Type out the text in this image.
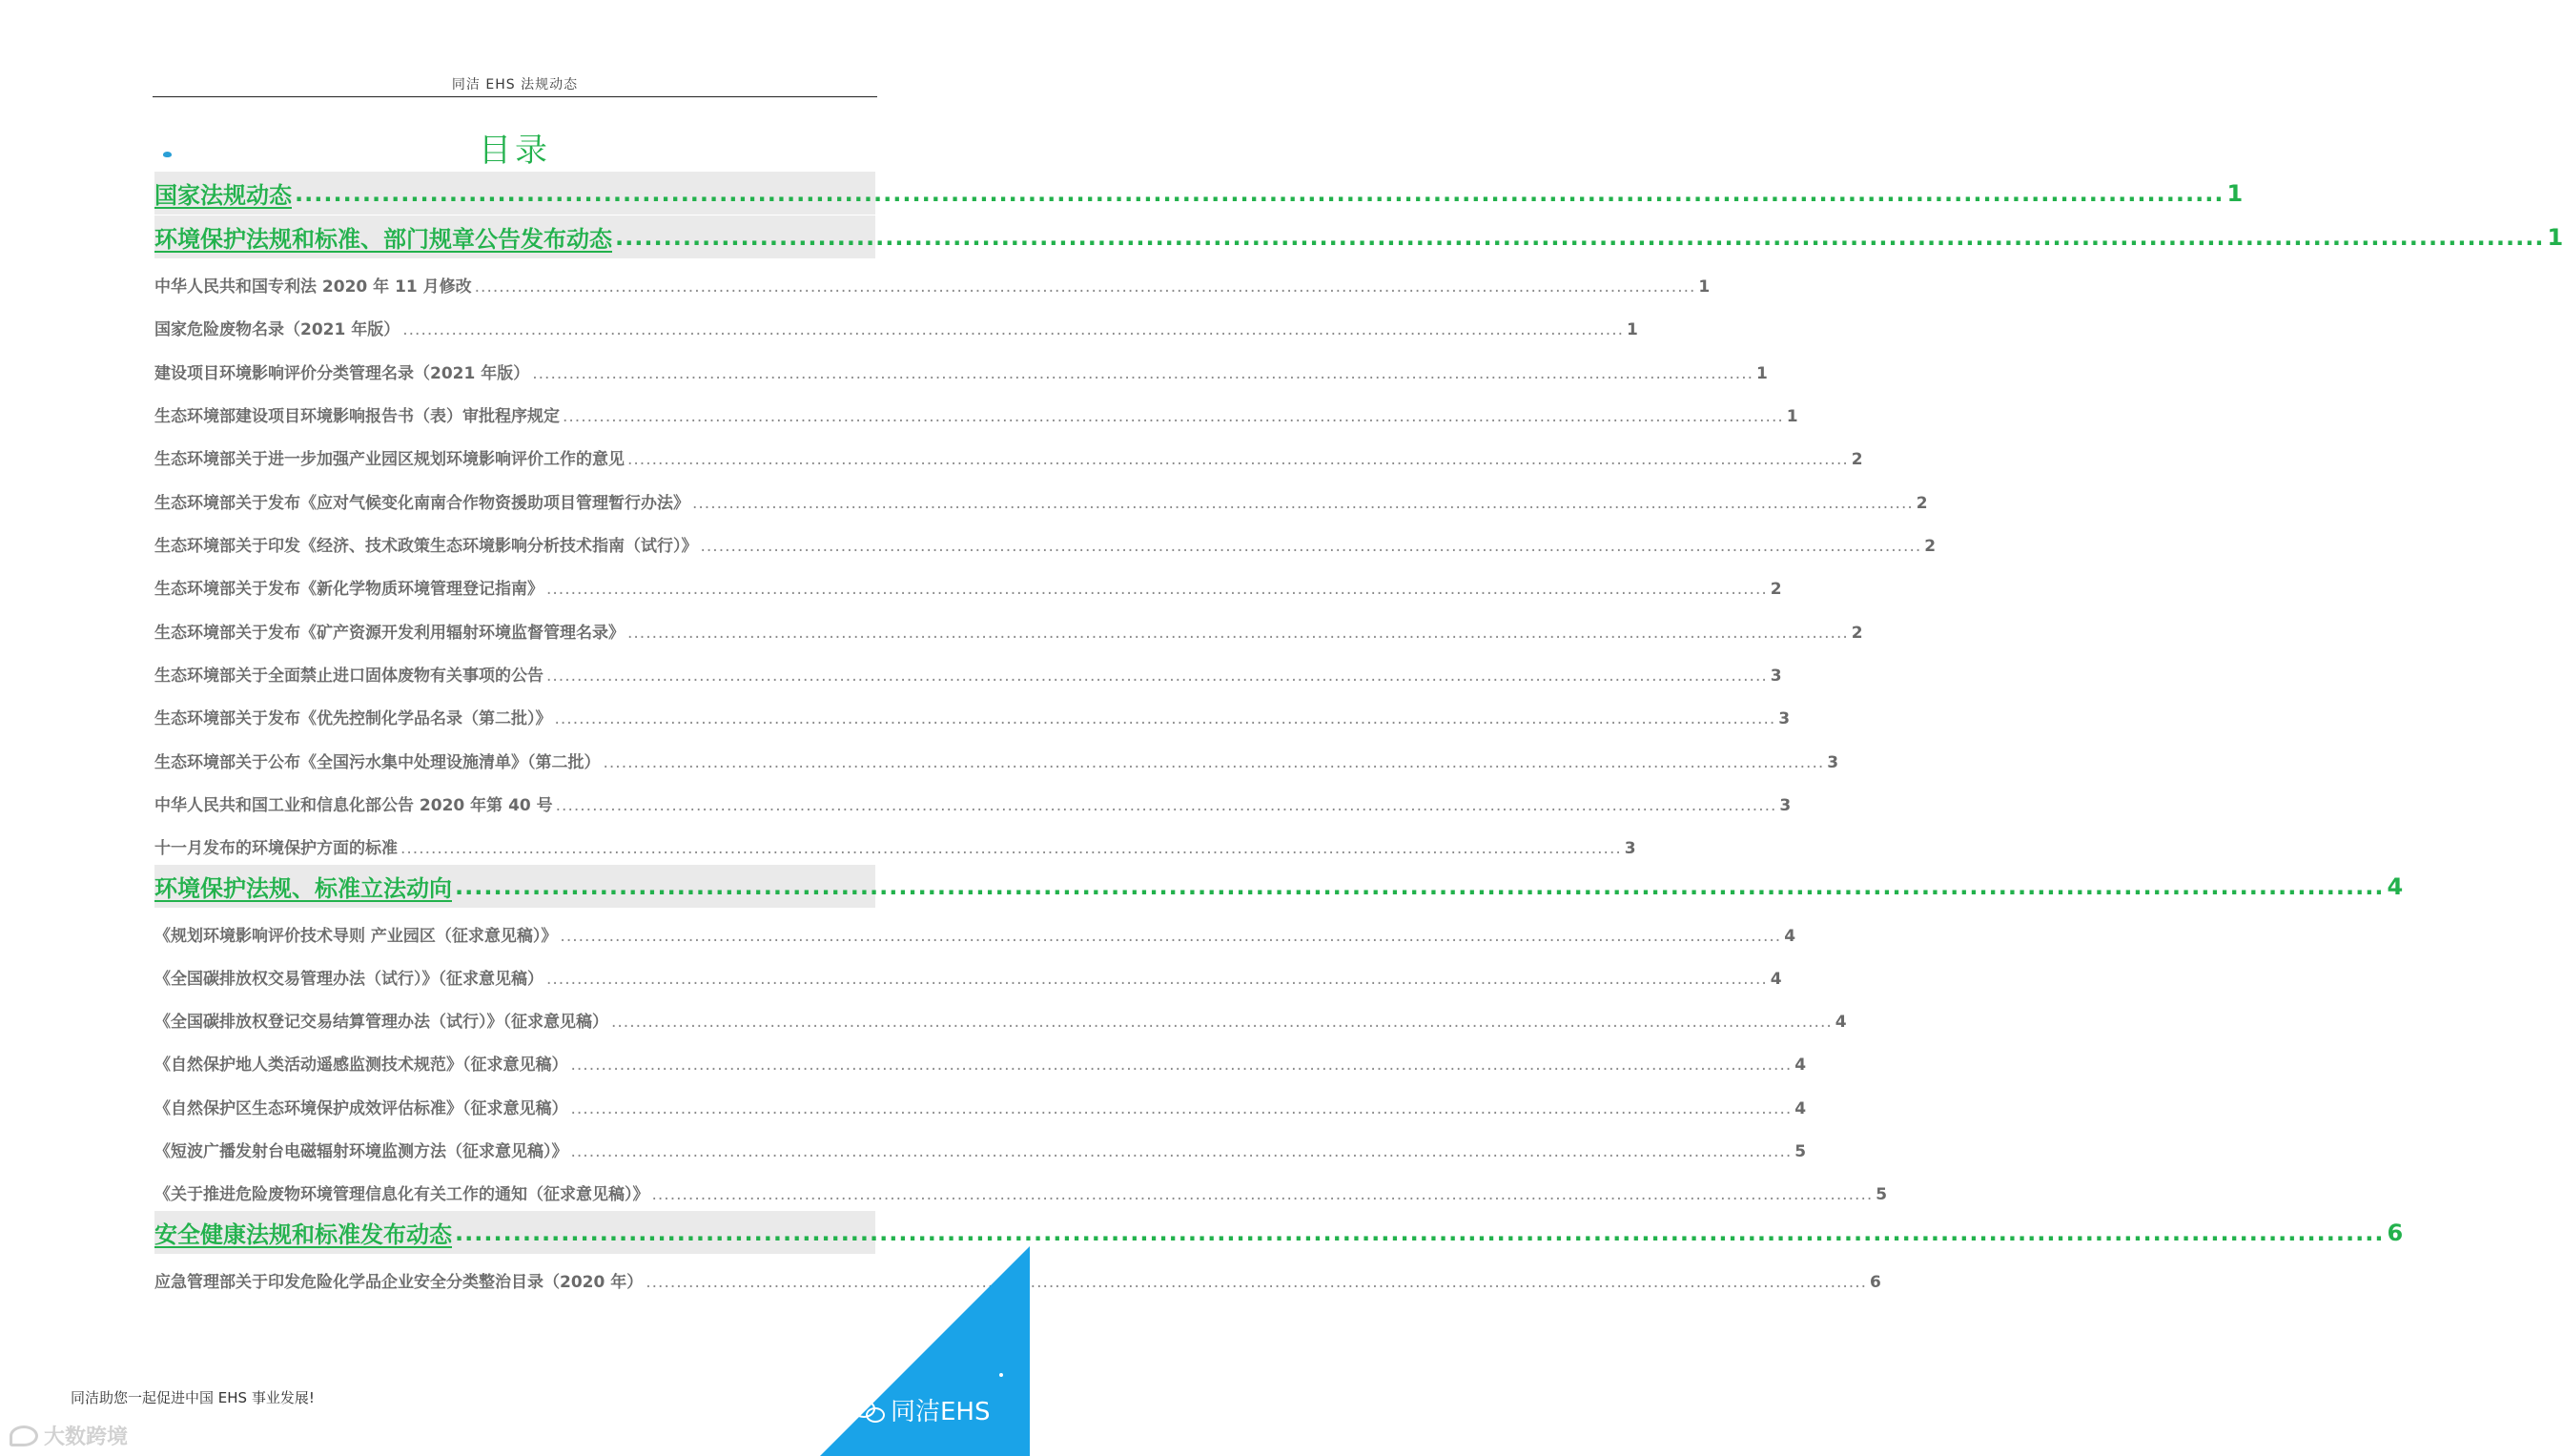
同洁 EHS 法规动态
目录
国家法规动态 ........................................................................................................................................................................................................ 1
环境保护法规和标准、部门规章公告发布动态 ........................................................................................................................................................................................................ 1
中华人民共和国专利法 2020 年 11 月修改 ........................................................................................................................................................................................................ 1
国家危险废物名录（2021 年版） ........................................................................................................................................................................................................ 1
建设项目环境影响评价分类管理名录（2021 年版） ........................................................................................................................................................................................................ 1
生态环境部建设项目环境影响报告书（表）审批程序规定 ........................................................................................................................................................................................................ 1
生态环境部关于进一步加强产业园区规划环境影响评价工作的意见 ........................................................................................................................................................................................................ 2
生态环境部关于发布《应对气候变化南南合作物资援助项目管理暂行办法》 ........................................................................................................................................................................................................ 2
生态环境部关于印发《经济、技术政策生态环境影响分析技术指南（试行）》 ........................................................................................................................................................................................................ 2
生态环境部关于发布《新化学物质环境管理登记指南》 ........................................................................................................................................................................................................ 2
生态环境部关于发布《矿产资源开发利用辐射环境监督管理名录》 ........................................................................................................................................................................................................ 2
生态环境部关于全面禁止进口固体废物有关事项的公告 ........................................................................................................................................................................................................ 3
生态环境部关于发布《优先控制化学品名录（第二批）》 ........................................................................................................................................................................................................ 3
生态环境部关于公布《全国污水集中处理设施清单》（第二批） ........................................................................................................................................................................................................ 3
中华人民共和国工业和信息化部公告 2020 年第 40 号 ........................................................................................................................................................................................................ 3
十一月发布的环境保护方面的标准 ........................................................................................................................................................................................................ 3
环境保护法规、标准立法动向 ........................................................................................................................................................................................................ 4
《规划环境影响评价技术导则 产业园区（征求意见稿）》 ........................................................................................................................................................................................................ 4
《全国碳排放权交易管理办法（试行）》（征求意见稿） ........................................................................................................................................................................................................ 4
《全国碳排放权登记交易结算管理办法（试行）》（征求意见稿） ........................................................................................................................................................................................................ 4
《自然保护地人类活动遥感监测技术规范》（征求意见稿） ........................................................................................................................................................................................................ 4
《自然保护区生态环境保护成效评估标准》（征求意见稿） ........................................................................................................................................................................................................ 4
《短波广播发射台电磁辐射环境监测方法（征求意见稿）》 ........................................................................................................................................................................................................ 5
《关于推进危险废物环境管理信息化有关工作的通知（征求意见稿）》 ........................................................................................................................................................................................................ 5
安全健康法规和标准发布动态 ........................................................................................................................................................................................................ 6
应急管理部关于印发危险化学品企业安全分类整治目录（2020 年） ........................................................................................................................................................................................................ 6
同洁助您一起促进中国 EHS 事业发展!
大数跨境
同洁EHS
